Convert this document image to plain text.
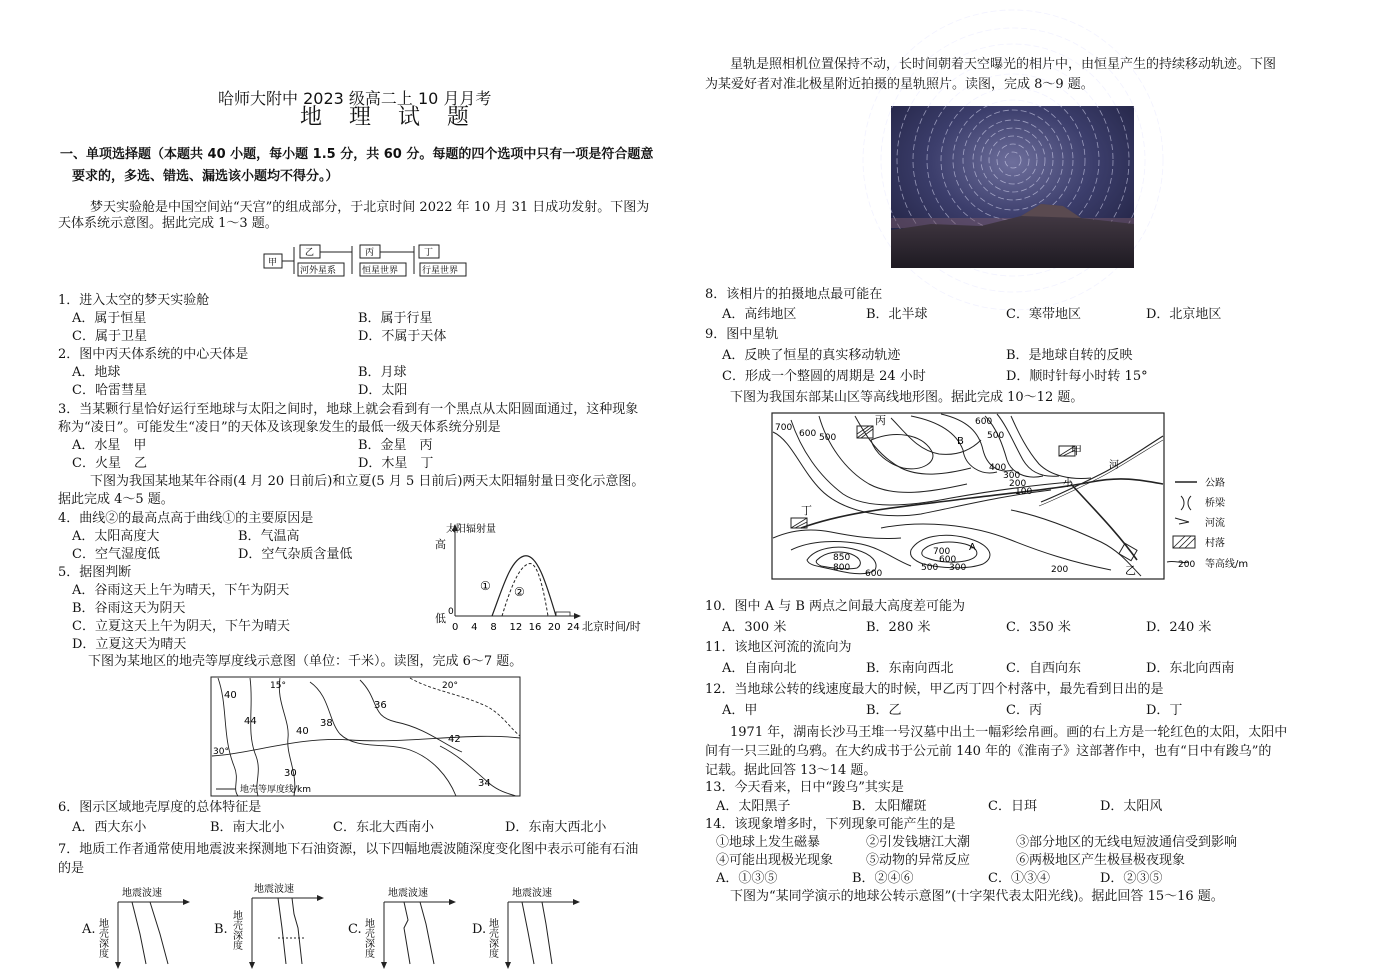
哈师大附中 2023 级高二上 10 月月考
地 理 试 题
一、单项选择题（本题共 40 小题，每小题 1.5 分，共 60 分。每题的四个选项中只有一项是符合题意
要求的，多选、错选、漏选该小题均不得分。）
梦天实验舱是中国空间站“天宫”的组成部分，于北京时间 2022 年 10 月 31 日成功发射。下图为
天体系统示意图。据此完成 1～3 题。
甲
乙	丙	丁
河外星系	恒星世界	行星世界
1．进入太空的梦天实验舱
A．属于恒星	B．属于行星
C．属于卫星	D．不属于天体
2．图中丙天体系统的中心天体是
A．地球	B．月球
C．哈雷彗星	D．太阳
3．当某颗行星恰好运行至地球与太阳之间时，地球上就会看到有一个黑点从太阳圆面通过，这种现象
称为“凌日”。可能发生“凌日”的天体及该现象发生的最低一级天体系统分别是
A．水星　甲	B．金星　丙
C．火星　乙	D．木星　丁
下图为我国某地某年谷雨(4 月 20 日前后)和立夏(5 月 5 日前后)两天太阳辐射量日变化示意图。
据此完成 4～5 题。
4．曲线②的最高点高于曲线①的主要原因是
A．太阳高度大	B．气温高
C．空气湿度低	D．空气杂质含量低
5．据图判断
A．谷雨这天上午为晴天，下午为阴天
B．谷雨这天为阴天
C．立夏这天上午为阴天，下午为晴天
D．立夏这天为晴天
太阳辐射量
高
低 0
① ②
0 4 8 12 16 20 24 北京时间/时
下图为某地区的地壳等厚度线示意图（单位：千米）。读图，完成 6～7 题。
40
44	38
36
42
40
30
34
15°	20°
30°
地壳等厚度线/km
6．图示区域地壳厚度的总体特征是
A．西大东小	B．南大北小	C．东北大西南小	D．东南大西北小
7．地质工作者通常使用地震波来探测地下石油资源，以下四幅地震波随深度变化图中表示可能有石油
的是
A.	B.	C.	D.
地震波速
地壳深度
地震波速
地壳深度
地震波速
地壳深度
地震波速
地壳深度
星轨是照相机位置保持不动，长时间朝着天空曝光的相片中，由恒星产生的持续移动轨迹。下图
为某爱好者对准北极星附近拍摄的星轨照片。读图，完成 8～9 题。
8．该相片的拍摄地点最可能在
A．高纬地区	B．北半球	C．寒带地区	D．北京地区
9．图中星轨
A．反映了恒星的真实移动轨迹	B．是地球自转的反映
C．形成一个整圆的周期是 24 小时	D．顺时针每小时转 15°
下图为我国东部某山区等高线地形图。据此完成 10～12 题。
丙
甲
丁
乙
A
B
小
河
700
600 500
600
500
400
300
200
100
850
800
600
700
600
500 300	200
公路
桥梁
河流
村落
200 等高线/m
10．图中 A 与 B 两点之间最大高度差可能为
A．300 米	B．280 米	C．350 米	D．240 米
11．该地区河流的流向为
A．自南向北	B．东南向西北	C．自西向东	D．东北向西南
12．当地球公转的线速度最大的时候，甲乙丙丁四个村落中，最先看到日出的是
A．甲	B．乙	C．丙	D．丁
1971 年，湖南长沙马王堆一号汉墓中出土一幅彩绘帛画。画的右上方是一轮红色的太阳，太阳中
间有一只三趾的乌鸦。在大约成书于公元前 140 年的《淮南子》这部著作中，也有“日中有踆乌”的
记载。据此回答 13～14 题。
13．今天看来，日中“踆乌”其实是
A．太阳黑子	B．太阳耀斑	C．日珥	D．太阳风
14．该现象增多时，下列现象可能产生的是
①地球上发生磁暴	②引发钱塘江大潮	③部分地区的无线电短波通信受到影响
④可能出现极光现象	⑤动物的异常反应	⑥两极地区产生极昼极夜现象
A．①③⑤	B．②④⑥	C．①③④	D．②③⑤
下图为“某同学演示的地球公转示意图”(十字架代表太阳光线)。据此回答 15～16 题。
